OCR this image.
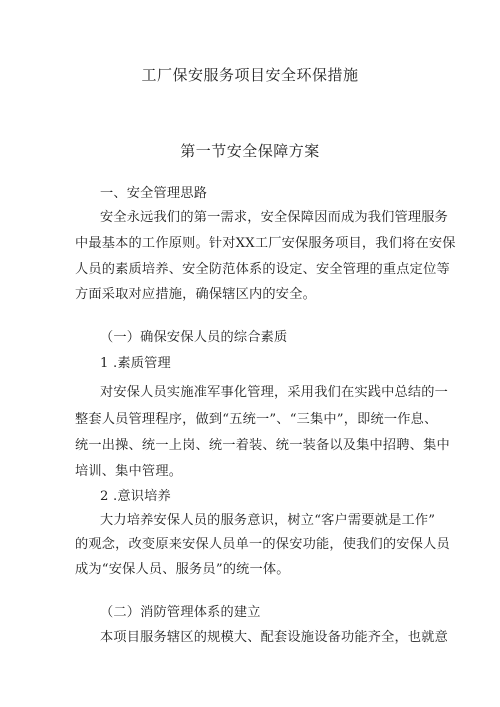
工厂保安服务项目安全环保措施
第一节安全保障方案
一、安全管理思路
安全永远我们的第一需求，安全保障因而成为我们管理服务
中最基本的工作原则。针对XX工厂安保服务项目，我们将在安保
人员的素质培养、安全防范体系的设定、安全管理的重点定位等
方面采取对应措施，确保辖区内的安全。
（一）确保安保人员的综合素质
1 .素质管理
对安保人员实施准军事化管理，采用我们在实践中总结的一
整套人员管理程序，做到“五统一”、“三集中”，即统一作息、
统一出操、统一上岗、统一着装、统一装备以及集中招聘、集中
培训、集中管理。
2 .意识培养
大力培养安保人员的服务意识，树立“客户需要就是工作”
的观念，改变原来安保人员单一的保安功能，使我们的安保人员
成为“安保人员、服务员”的统一体。
（二）消防管理体系的建立
本项目服务辖区的规模大、配套设施设备功能齐全，也就意
